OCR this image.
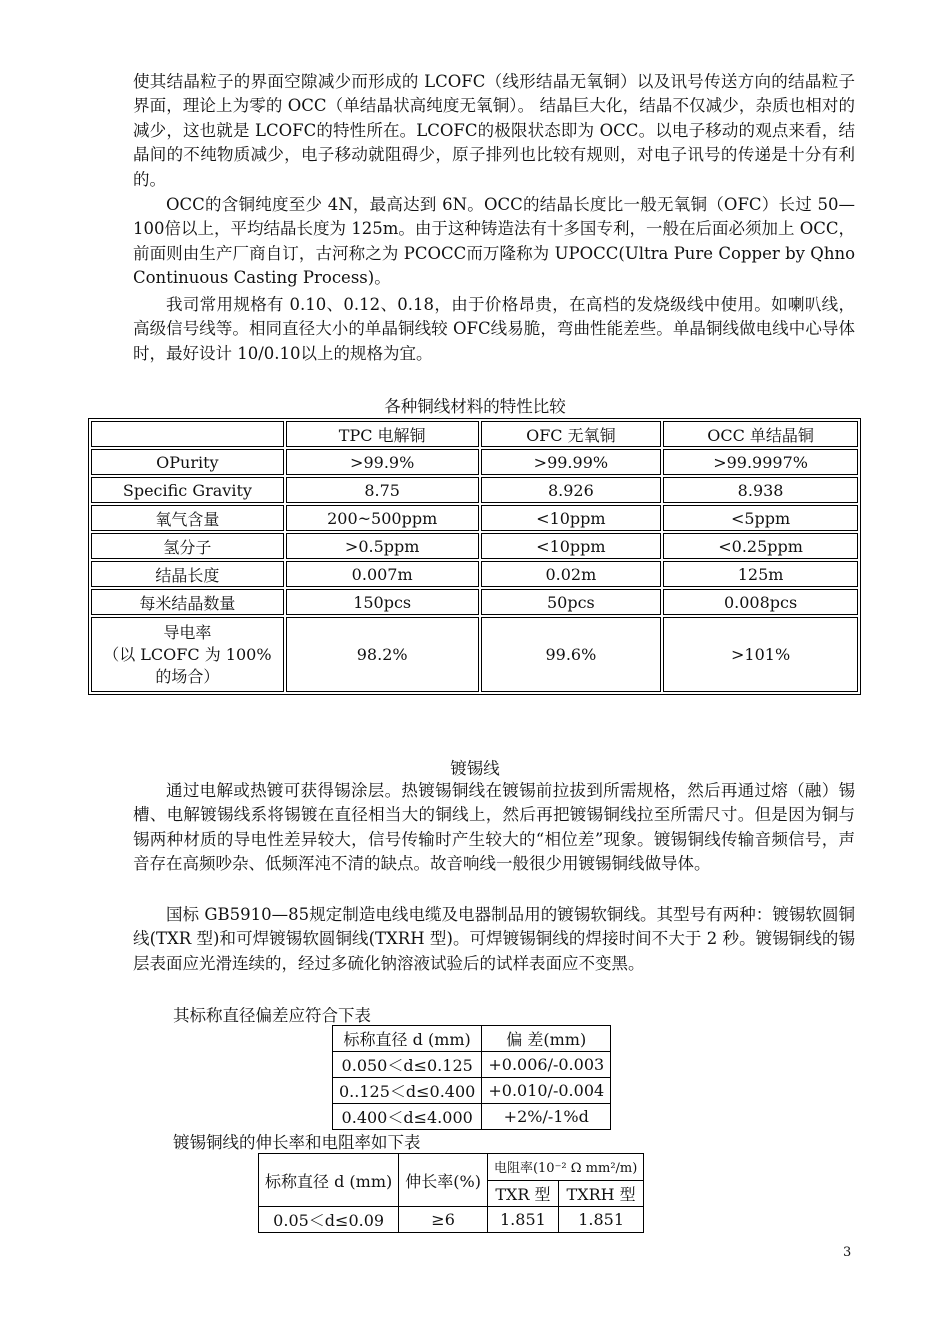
使其结晶粒子的界面空隙减少而形成的 LCOFC（线形结晶无氧铜）以及讯号传送方向的结晶粒子界面，理论上为零的 OCC（单结晶状高纯度无氧铜）。 结晶巨大化，结晶不仅减少，杂质也相对的减少，这也就是 LCOFC的特性所在。LCOFC的极限状态即为 OCC。以电子移动的观点来看，结晶间的不纯物质减少，电子移动就阻碍少，原子排列也比较有规则，对电子讯号的传递是十分有利的。

OCC的含铜纯度至少 4N，最高达到 6N。OCC的结晶长度比一般无氧铜（OFC）长过 50—100倍以上，平均结晶长度为 125m。由于这种铸造法有十多国专利，一般在后面必须加上 OCC，前面则由生产厂商自订，古河称之为 PCOCC而万隆称为 UPOCC(Ultra Pure Copper by Qhno Continuous Casting Process)。

我司常用规格有 0.10、0.12、0.18，由于价格昂贵，在高档的发烧级线中使用。如喇叭线，高级信号线等。相同直径大小的单晶铜线较 OFC线易脆，弯曲性能差些。单晶铜线做电线中心导体时，最好设计 10/0.10以上的规格为宜。

各种铜线材料的特性比较

	TPC 电解铜	OFC 无氧铜	OCC 单结晶铜
OPurity	>99.9%	>99.99%	>99.9997%
Specific Gravity	8.75	8.926	8.938
氧气含量	200~500ppm	<10ppm	<5ppm
氢分子	>0.5ppm	<10ppm	<0.25ppm
结晶长度	0.007m	0.02m	125m
每米结晶数量	150pcs	50pcs	0.008pcs

导电率
（以 LCOFC 为 100%
的场合）	98.2%	99.6%	>101%

镀锡线

通过电解或热镀可获得锡涂层。热镀锡铜线在镀锡前拉拔到所需规格，然后再通过熔（融）锡槽、电解镀锡线系将锡镀在直径相当大的铜线上，然后再把镀锡铜线拉至所需尺寸。但是因为铜与锡两种材质的导电性差异较大，信号传输时产生较大的“相位差”现象。镀锡铜线传输音频信号，声音存在高频吵杂、低频浑沌不清的缺点。故音响线一般很少用镀锡铜线做导体。

国标 GB5910—85规定制造电线电缆及电器制品用的镀锡软铜线。其型号有两种：镀锡软圆铜线(TXR 型)和可焊镀锡软圆铜线(TXRH 型)。可焊镀锡铜线的焊接时间不大于 2 秒。镀锡铜线的锡层表面应光滑连续的，经过多硫化钠溶液试验后的试样表面应不变黑。

其标称直径偏差应符合下表

标称直径 d (mm)	偏 差(mm)
0.050＜d≤0.125	+0.006/-0.003
0..125＜d≤0.400	+0.010/-0.004
0.400＜d≤4.000	+2%/-1%d

镀锡铜线的伸长率和电阻率如下表

标称直径 d (mm)	伸长率(%)	电阻率(10⁻² Ω mm²/m)	
		TXR 型	TXRH 型
0.05＜d≤0.09	≥6	1.851	1.851
3
